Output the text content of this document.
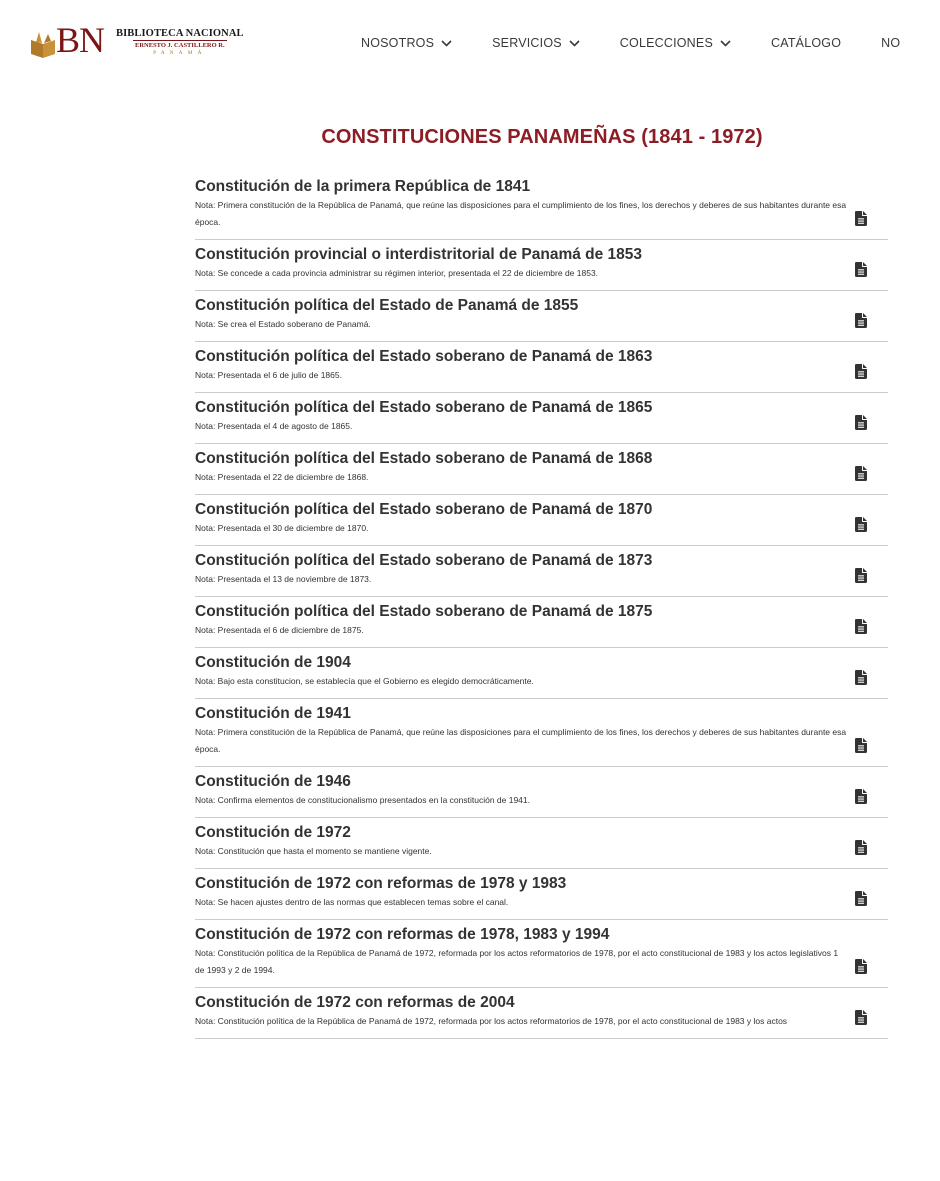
BN BIBLIOTECA NACIONAL
ERNESTO J. CASTILLERO R.
PANAMÁ
NOSOTROS	SERVICIOS	COLECCIONES	CATÁLOGO	NO
CONSTITUCIONES PANAMEÑAS (1841 - 1972)
Constitución de la primera República de 1841

Nota: Primera constitución de la República de Panamá, que reúne las disposiciones para el cumplimiento de los fines, los derechos y deberes de sus habitantes durante esa época.

Constitución provincial o interdistritorial de Panamá de 1853

Nota: Se concede a cada provincia administrar su régimen interior, presentada el 22 de diciembre de 1853.

Constitución política del Estado de Panamá de 1855

Nota: Se crea el Estado soberano de Panamá.

Constitución política del Estado soberano de Panamá de 1863

Nota: Presentada el 6 de julio de 1865.

Constitución política del Estado soberano de Panamá de 1865

Nota: Presentada el 4 de agosto de 1865.

Constitución política del Estado soberano de Panamá de 1868

Nota: Presentada el 22 de diciembre de 1868.

Constitución política del Estado soberano de Panamá de 1870

Nota: Presentada el 30 de diciembre de 1870.

Constitución política del Estado soberano de Panamá de 1873

Nota: Presentada el 13 de noviembre de 1873.

Constitución política del Estado soberano de Panamá de 1875

Nota: Presentada el 6 de diciembre de 1875.

Constitución de 1904

Nota: Bajo esta constitucion, se establecía que el Gobierno es elegido democráticamente.

Constitución de 1941

Nota: Primera constitución de la República de Panamá, que reúne las disposiciones para el cumplimiento de los fines, los derechos y deberes de sus habitantes durante esa época.

Constitución de 1946

Nota: Confirma elementos de constitucionalismo presentados en la constitución de 1941.

Constitución de 1972

Nota: Constitución que hasta el momento se mantiene vigente.

Constitución de 1972 con reformas de 1978 y 1983

Nota: Se hacen ajustes dentro de las normas que establecen temas sobre el canal.

Constitución de 1972 con reformas de 1978, 1983 y 1994

Nota: Constitución política de la República de Panamá de 1972, reformada por los actos reformatorios de 1978, por el acto constitucional de 1983 y los actos legislativos 1 de 1993 y 2 de 1994.

Constitución de 1972 con reformas de 2004

Nota: Constitución política de la República de Panamá de 1972, reformada por los actos reformatorios de 1978, por el acto constitucional de 1983 y los actos
